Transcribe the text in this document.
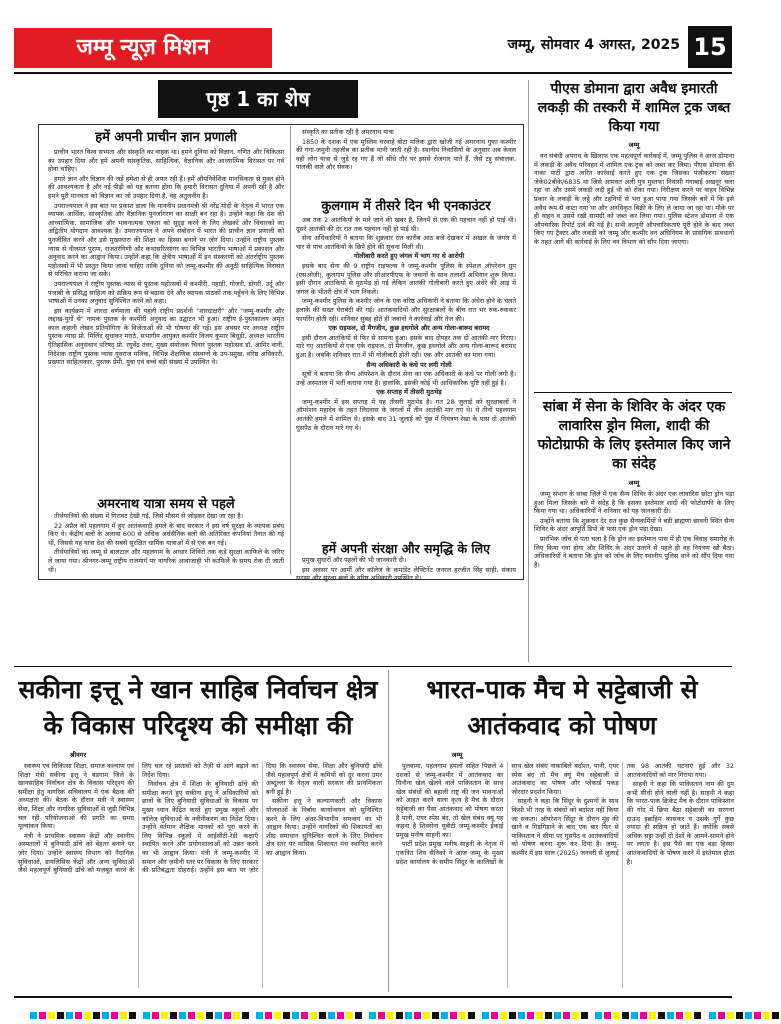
जम्मू न्यूज़ मिशन	जम्मू, सोमवार 4 अगस्त, 2025 15
पृष्ठ 1 का शेष
हमें अपनी प्राचीन ज्ञान प्रणाली

प्राचीन भारत विश्व सभ्यता और संस्कृति का वाहक था। हमने दुनिया को विज्ञान, गणित और चिकित्सा का उपहार दिया और हमें अपनी सांस्कृतिक, साहित्यिक, वैज्ञानिक और आध्यात्मिक विरासत पर गर्व होना चाहिए।

हमारे ज्ञान और विज्ञान की जड़ें हमेशा से ही अपार रही हैं। हमें औपनिवेशिक मानसिकता से मुक्त होने की आवश्यकता है और नई पीढ़ी को यह बताना होगा कि हमारी विरासत दुनिया में अपनी रही है और हमने पूरी मानवता को विज्ञान का जो उपहार दिया है, वह अतुलनीय है।

उपराज्यपाल ने इस बात पर प्रकाश डाला कि माननीय प्रधानमंत्री श्री नरेंद्र मोदी के नेतृत्व में भारत एक व्यापक आर्थिक, सांस्कृतिक और वैज्ञानिक पुनर्जागरण का साक्षी बन रहा है। उन्होंने कहा कि देश की आध्यात्मिक, सामाजिक और भावनात्मक एकता को सुदृढ़ करने के लिए लेखकों और विचारकों का अद्वितीय योगदान आवश्यक है। उपराज्यपाल ने अपने संबोधन में भारत की प्राचीन ज्ञान प्रणाली को पुनर्जीवित करने और इसे मुख्यधारा की शिक्षा का हिस्सा बनाने पर ज़ोर दिया। उन्होंने राष्ट्रीय पुस्तक न्यास से नीलमत पुराण, राजतरंगिणी और कथासरित्सागर का विभिन्न भारतीय भाषाओं में प्रकाशन और अनुवाद करने का आह्वान किया। उन्होंने कहा कि क्षेत्रीय भाषाओं में इन संस्करणों को अंतर्राष्ट्रीय पुस्तक महोत्सवों में भी प्रस्तुत किया जाना चाहिए ताकि दुनिया को जम्मू-कश्मीर की अनूठी साहित्यिक विरासत से परिचित कराया जा सके।

उपराज्यपाल ने राष्ट्रीय पुस्तक न्यास से पुस्तक महोत्सवों में कश्मीरी, पहाड़ी, गोजरी, डोगरी, उर्दू और पंजाबी के प्रसिद्ध साहित्य को सक्रिय रूप से बढ़ावा देने और व्यापक पाठकों तक पहुँचने के लिए विभिन्न भाषाओं में उनका अनुवाद सुनिश्चित करने को कहा।

इस कार्यक्रम में शारदा वर्णमाला की पहली राष्ट्रीय प्रदर्शनी "शारदाक्षरी" और "जम्मू-कश्मीर और लद्दाख-युगों से" नामक पुस्तक के कश्मीरी अनुवाद का उद्घाटन भी हुआ। राष्ट्रीय ई-पुस्तकालय अमृत काल कहानी लेखन प्रतियोगिता के विजेताओं की भी घोषणा की गई। इस अवसर पर अध्यक्ष राष्ट्रीय पुस्तक न्यास प्रो. मिलिंद सुधाकर मराठे, सभागीय आयुक्त कश्मीर विजय कुमार बिधूड़ी, अध्यक्ष भारतीय ऐतिहासिक अनुसंधान परिषद् प्रो. रघुवेंद्र तंवर, मुख्य संयोजक चिनार पुस्तक महोत्सव डॉ. आमिर वानी, निदेशक राष्ट्रीय पुस्तक न्यास युवराज मलिक, विभिन्न शैक्षणिक संस्थानों के उप-प्रमुख, वरिष्ठ अधिकारी, प्रख्यात साहित्यकार, पुस्तक प्रेमी, युवा एवं बच्चे बड़ी संख्या में उपस्थित थे।

अमरनाथ यात्रा समय से पहले

तीर्थयात्रियों की संख्या में गिरावट देखी गई, जिसे मौसम से जोड़कर देखा जा रहा है।

22 अप्रैल को पहलगाम में हुए आतंकवादी हमले के बाद सरकार ने इस वर्ष सुरक्षा के व्यापक प्रबंध किए थे। केंद्रीय बलों के अलावा 600 से अधिक अर्धसैनिक बलों की अतिरिक्त कंपनियां तैनात की गई थीं, जिससे यह यात्रा देश की सबसे सुरक्षित धार्मिक यात्राओं में से एक बन गई।

तीर्थयात्रियों का जम्मू से बालटाल और पहलगाम के आधार शिविरों तक कड़े सुरक्षा काफिले के जरिए ले जाया गया। श्रीनगर-जम्मू राष्ट्रीय राजमार्ग पर नागरिक आवाजाही भी काफिले के समय रोक दी जाती थी।

संस्कृति का प्रतीक रही है अमरनाथ यात्रा

1850 के दशक में एक मुस्लिम चरवाहे बोटा मलिक द्वारा खोजी गई अमरनाथ गुफा कश्मीर की गंगा-जमुनी तहजीब का प्रतीक मानी जाती रही है। स्थानीय निवासियों के अनुसार अब केवल वही लोग यात्रा से जुड़े रह गए हैं जो सीधे तौर पर इससे रोजगार पाते हैं, जैसे टट्टू संचालक, पालकी वाले और सेवक।

कुलगाम में तीसरे दिन भी एनकाउंटर

अब तक 2 आतंकियों के मारे जाने की खबर है, जिनमें से एक की पहचान नहीं हो पाई थी। दूसरे आतंकी की देर रात तक पहचान नहीं हो पाई थी।

सेना अधिकारियों ने बताया कि शुक्रवार रात कारीब आठ बजे देखकर में अखल के जंगल में चार से पांच आतंकियों के छिपे होने की सूचना मिली थी।

गोलीबारी करते हुए जंगल में भाग गए थे आरोपी

इसके बाद सेना की 9 राष्ट्रीय राइफल्स ने जम्मू-कश्मीर पुलिस के स्पेशल ऑपरेशन ग्रुप (एसओजी), कुलगाम पुलिस और सीआरपीएफ के जवानों के साथ तलाशी अभियान शुरू किया। इसी दौरान आतंकियों से मुठभेड़ हो गई लेकिन आतंकी गोलीबारी करते हुए अंधेरे की आड़ में जंगल के भीतरी क्षेत्र में भाग निकले।

जम्मू-कश्मीर पुलिस के कश्मीर जोन के एक वरिष्ठ अधिकारी ने बताया कि अंधेरा होने के चलते इलाके की सख्त घेराबंदी की गई। आतंकवादियों और सुरक्षाबलों के बीच रात भर रुक-रुककर फायरिंग होती रही। शनिवार सुबह होते ही जवानों ने कार्रवाई और तेज की।

एक राइफल, दो मैगजीन, कुछ हथगोले और अन्य गोला-बारूद बरामद

इसी दौरान आतंकियों से फिर से सामना हुआ। इसके बाद दोपहर तक दो आतंकी मार गिराए। मारे गए आतंकियों से एक एके राइफल, दो मैगजीन, कुछ हथगोले और अन्य गोला-बारूद बरामद हुआ है। जबकि शनिवार रात में भी गोलीबारी होती रही। एक और आतंकी का मारा गया।

सैन्य अधिकारी के कंधे पर लगी गोली

सूत्रों ने बताया कि सैन्य ऑपरेशन के दौरान सेना का एक अधिकारी के कंधे पर गोली लगी है। उन्हें अस्पताल में भर्ती कराया गया है। हालांकि, इसकी कोई भी आधिकारिक पुष्टि नहीं हुई है।

एक सप्ताह में तीसरी मुठभेड़

जम्मू-कश्मीर में इस सप्ताह में यह तीसरी मुठभेड़ है। गत 28 जुलाई को सुरक्षाबलों ने ऑपरेशन महादेव के तहत लिदवास के जंगलों में तीन आतंकी मार गए थे। ये तीनों पहलगाम आतंकी हमले में शामिल थे। इसके बाद 31 जुलाई को पुंछ में नियंत्रण रेखा के पास दो आतंकी घुसपैठ के दौरान मारे गए थे।

हमें अपनी संरक्षा और समृद्धि के लिए

प्रमुख सुधारों और पहलों की भी जानकारी दी।

इस अवसर पर आर्मी और कॉलेज के कमांडेंट लेफ्टिनेंट जनरल हरजीत सिंह साही, संकाय सदस्य और सुरक्षा बलों के वरिष्ठ अधिकारी उपस्थित थे।

पीएस डोमाना द्वारा अवैध इमारती लकड़ी की तस्करी में शामिल ट्रक जब्त किया गया
जम्मू

वन संबंधी अपराध के खिलाफ एक महत्वपूर्ण कार्रवाई में, जम्मू पुलिस ने आज डोमाना में लकड़ी के अवैध परिवहन में शामिल एक ट्रक को जब्त कर लिया। पीएस डोमाना की नाका पार्टी द्वारा त्वरित कार्रवाई करते हुए एक ट्रक जिसका पंजीकरण संख्या जेके02बीके/6835 था जिसे आमवत अली पुत्र मुस्तफा निवासी गंगाबाई अखनूर चला रहा था और उसमें लकड़ी लदी हुई थी को रोका गया। निरीक्षण करने पर वाहन विभिन्न प्रकार के लकड़ी के लट्ठे और टहनियों से भरा हुआ पाया गया जिसके बारे में कि इसे अवैध रूप से काटा गया था और अनधिकृत बिक्री के लिए ले जाया जा रहा था। मौके पर ही वाहन व उसमें रखी सामग्री को जब्त कर लिया गया। पुलिस स्टेशन डोमाना में एक औपचारिक रिपोर्ट दर्ज की गई है। सभी कानूनी औपचारिकताएं पूरी होने के बाद जब्त किए गए ट्रैक्टर और लकड़ी को जम्मू और कश्मीर वन अधिनियम के प्रासंगिक प्रावधानों के तहत आगे की कार्रवाई के लिए वन विभाग को सौंप दिया जाएगा।

सांबा में सेना के शिविर के अंदर एक लावारिस ड्रोन मिला, शादी की फोटोग्राफी के लिए इस्तेमाल किए जाने का संदेह
जम्मू

जम्मू संभाग के सांबा ज़िले में एक सैन्य शिविर के अंदर एक लावारिस छोटा ड्रोन पड़ा हुआ मिला जिसके बारे में संदेह है कि इसका इस्तेमाल शादी की फोटोग्राफी के लिए किया गया था। अधिकारियों ने शनिवार को यह जानकारी दी।

उन्होंने बताया कि शुक्रवार देर रात कुछ सैन्यकर्मियों ने बड़ी ब्राह्मणा छावनी स्थित सैन्य शिविर के अंदर आपूर्ति डिपो के पास एक ड्रोन पड़ा देखा।

प्रारंभिक जाँच से पता चला है कि ड्रोन का इस्तेमाल पास में ही एक विवाह समारोह के लिए किया गया होगा और शिविर के अंदर उतरने से पहले ही वह नियंत्रण खो बैठा। अधिकारियों ने बताया कि ड्रोन को जाँच के लिए स्थानीय पुलिस थाने को सौंप दिया गया है।

सकीना इत्तू ने खान साहिब निर्वाचन क्षेत्र के विकास परिदृश्य की समीक्षा की
श्रीनगर

स्वास्थ्य एवं चिकित्सा शिक्षा, समाज कल्याण एवं शिक्षा मंत्री सकीना इत्तू ने बडगाम जिले के खानसाहिब निर्वाचन क्षेत्र के विकास परिदृश्य की समीक्षा हेतु नागरिक सचिवालय में एक बैठक की अध्यक्षता की। बैठक के दौरान मंत्री ने स्वास्थ्य सेवा, शिक्षा और नागरिक सुविधाओं से जुड़ी विभिन्न चल रही परियोजनाओं की प्रगति का समग्र मूल्यांकन किया।

मंत्री ने प्राथमिक स्वास्थ्य केंद्रों और स्थानीय अस्पतालों में बुनियादी ढाँचे को बेहतर बनाने पर ज़ोर दिया। उन्होंने स्वास्थ्य विभाग को नैदानिक सुविधाओं, डायलिसिस केंद्रों और अन्य सुविधाओं जैसे महत्वपूर्ण बुनियादी ढाँचे को मज़बूत करने के लिए चल रहे प्रस्तावों को तेज़ी से आगे बढ़ाने का निर्देश दिया।

निर्वाचन क्षेत्र में शिक्षा के बुनियादी ढाँचे की समीक्षा करते हुए सकीना इत्तू ने अधिकारियों को छात्रों के लिए बुनियादी सुविधाओं के विकास पर मुख्य ध्यान केंद्रित करते हुए प्रमुख स्कूलों और कॉलेज सुविधाओं के नवीनीकरण का निर्देश दिया। उन्होंने वर्तमान शैक्षिक मानकों को पूरा करने के लिए विभिन्न स्कूलों में आईसीटी-रेडी कक्षाएँ स्थापित करने और प्रयोगशालाओं को उन्नत करने का भी आह्वान किया। मंत्री ने जम्मू-कश्मीर में समान और ज़मीनी स्तर पर विकास के लिए सरकार की प्रतिबद्धता दोहराई। उन्होंने इस बात पर ज़ोर दिया कि स्वास्थ्य सेवा, शिक्षा और बुनियादी ढाँचे जैसे महत्वपूर्ण क्षेत्रों में कमियों को दूर करना उमर अब्दुल्ला के नेतृत्व वाली सरकार की प्राथमिकता बनी हुई है।

सकीना इत्तू ने कल्याणकारी और विकास योजनाओं के निर्बाध कार्यान्वयन को सुनिश्चित करने के लिए अंतर-विभागीय समन्वय का भी आह्वान किया। उन्होंने नागरिकों की शिकायतों का शीघ्र समाधान सुनिश्चित करने के लिए निर्वाचन क्षेत्र स्तर पर मासिक शिकायत मंच स्थापित करने का आह्वान किया।

भारत-पाक मैच मे सट्टेबाजी से आतंकवाद को पोषण
जम्मू

पुलवामा, पहलगाम हमलों सहित पिछले 4 दशकों से जम्मू-कश्मीर में आतंकवाद का घिनौना खेल खेलने वाले पाकिस्तान के साथ खेल संबंधों की बहाली राष्ट्र की जन भावनाओं को आहत करने वाला कृत्य है मैच के दौरान सट्टेबाजी का पैसा आतंकवाद को पोषण करता है पानी, एयर स्पेस बंद, तो खेल संबंध क्यूं यह कहना है शिवसेना यूबीटी जम्मू-कश्मीर ईकाई प्रमुख मनीष साहनी का।

पार्टी प्रदेश प्रमुख मनीष साहनी के नेतृत्व में एकत्रित शिव सैनिकों ने आज जम्मू के मुख्य प्रदेश कार्यालय के समीप सिंदूर के कालिखों के साथ खेल संबंध नाकाबिले बर्दाश्त, पानी, एयर स्पेस बंद तो मैच क्यूं मैच सट्टेबाजी से आतंकवाद का पोषण और प्लेकार्ड पकड़ जोरदार प्रदर्शन किया।

साहनी ने कहा कि सिंदूर के दुश्मनों के साथ किसी भी तरह के संबंधों को बर्दाश्त नहीं किया जा सकता। ऑपरेशन सिंदूर के दौरान मुंह की खाने व गिड़गिड़ाने के बाद एक बार फिर से पाकिस्तान ने सीमा पर घुसपैठ व आतंकवादियों को पोषण करना शुरू कर दिया है। जम्मू-कश्मीर में इस साल (2025) जनवरी से जुलाई तक 98 आतंकी घटनाएं हुई और 32 आतंकवादियों को मार गिराया गया।

साहनी ने कहा कि पाकिस्तान नाम की दुम कभी सीधी होने वाली नहीं है। साहनी ने कहा कि भारत-पाक क्रिकेट मैच के दौरान पाकिस्तान की गोद में छिपा बैठा सट्टेबाजी का सरगना दाऊद इब्राहिम कासकर व उसके गुर्गे कुछ ज्यादा ही सक्रिय हो जाते हैं। क्योंकि सबसे अधिक सट्टा उन्हीं दो देशों के आमने-सामने होने पर लगता है। इस पैसे का एक बड़ा हिस्सा आतंकवादियों के पोषण करने में इस्तेमाल होता है।
